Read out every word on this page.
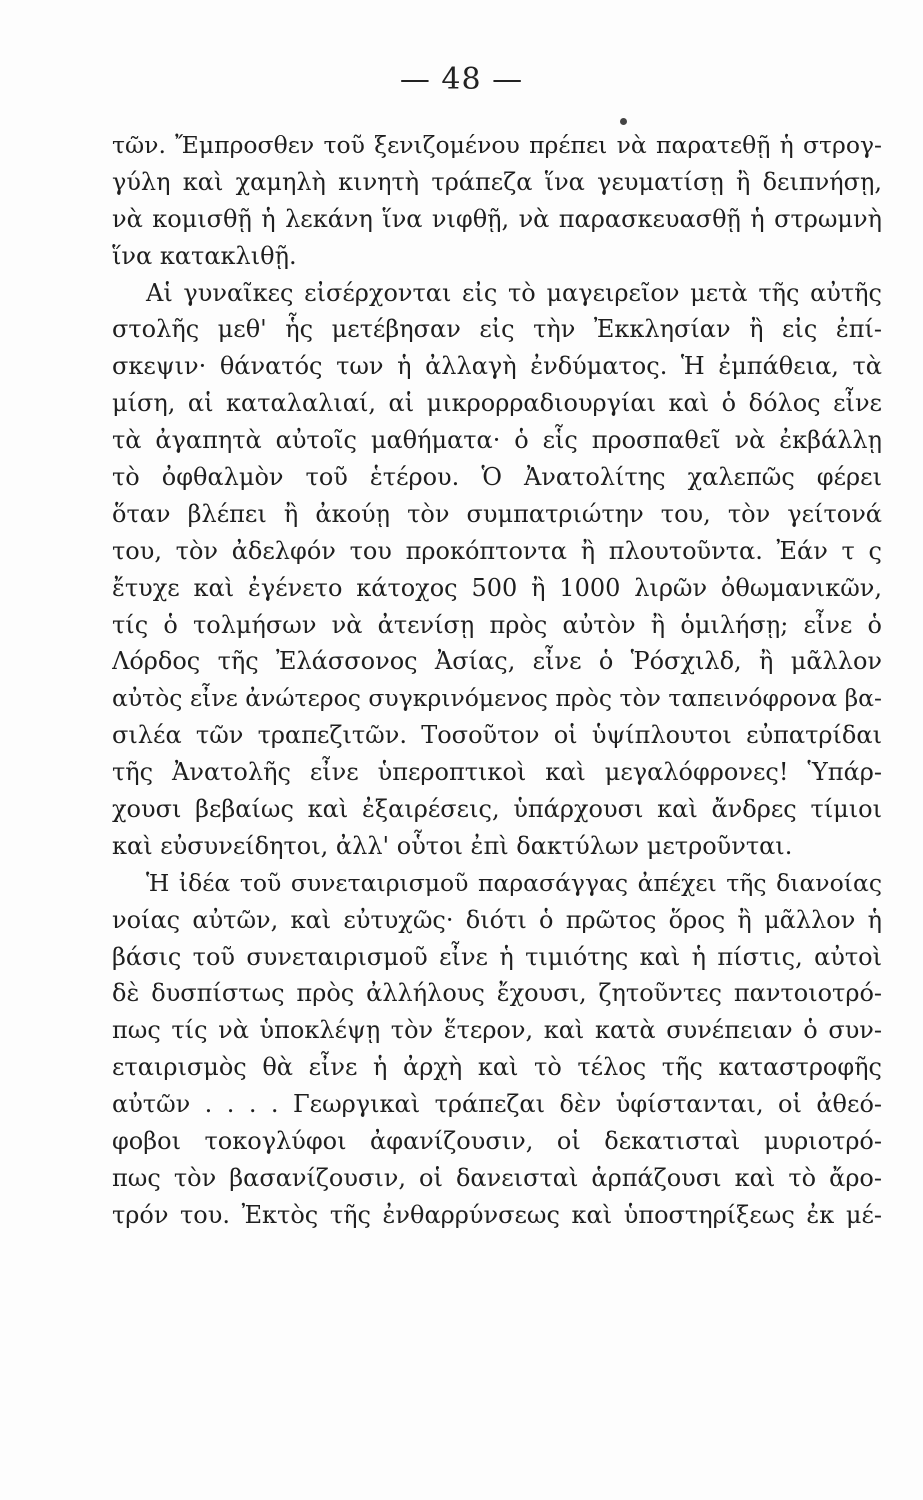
— 48 —
τῶν. Ἔμπροσθεν τοῦ ξενιζομένου πρέπει νὰ παρατεθῇ ἡ στρογ-
γύλη καὶ χαμηλὴ κινητὴ τράπεζα ἵνα γευματίσῃ ἢ δειπνήσῃ,
νὰ κομισθῇ ἡ λεκάνη ἵνα νιφθῇ, νὰ παρασκευασθῇ ἡ στρωμνὴ
ἵνα κατακλιθῇ.
Αἱ γυναῖκες εἰσέρχονται εἰς τὸ μαγειρεῖον μετὰ τῆς αὐτῆς
στολῆς μεθ' ἧς μετέβησαν εἰς τὴν Ἐκκλησίαν ἢ εἰς ἐπί-
σκεψιν· θάνατός των ἡ ἀλλαγὴ ἐνδύματος. Ἡ ἐμπάθεια, τὰ
μίση, αἱ καταλαλιαί, αἱ μικρορραδιουργίαι καὶ ὁ δόλος εἶνε
τὰ ἀγαπητὰ αὐτοῖς μαθήματα· ὁ εἷς προσπαθεῖ νὰ ἐκβάλλῃ
τὸ ὀφθαλμὸν τοῦ ἑτέρου. Ὁ Ἀνατολίτης χαλεπῶς φέρει
ὅταν βλέπει ἢ ἀκούῃ τὸν συμπατριώτην του, τὸν γείτονά
του, τὸν ἀδελφόν του προκόπτοντα ἢ πλουτοῦντα. Ἐάν τ ς
ἔτυχε καὶ ἐγένετο κάτοχος 500 ἢ 1000 λιρῶν ὀθωμανικῶν,
τίς ὁ τολμήσων νὰ ἀτενίσῃ πρὸς αὐτὸν ἢ ὁμιλήσῃ; εἶνε ὁ
Λόρδος τῆς Ἐλάσσονος Ἀσίας, εἶνε ὁ Ῥόσχιλδ, ἢ μᾶλλον
αὐτὸς εἶνε ἀνώτερος συγκρινόμενος πρὸς τὸν ταπεινόφρονα βα-
σιλέα τῶν τραπεζιτῶν. Τοσοῦτον οἱ ὑψίπλουτοι εὐπατρίδαι
τῆς Ἀνατολῆς εἶνε ὑπεροπτικοὶ καὶ μεγαλόφρονες! Ὑπάρ-
χουσι βεβαίως καὶ ἐξαιρέσεις, ὑπάρχουσι καὶ ἄνδρες τίμιοι
καὶ εὐσυνείδητοι, ἀλλ' οὗτοι ἐπὶ δακτύλων μετροῦνται.
Ἡ ἰδέα τοῦ συνεταιρισμοῦ παρασάγγας ἀπέχει τῆς διανοίας
νοίας αὐτῶν, καὶ εὐτυχῶς· διότι ὁ πρῶτος ὅρος ἢ μᾶλλον ἡ
βάσις τοῦ συνεταιρισμοῦ εἶνε ἡ τιμιότης καὶ ἡ πίστις, αὐτοὶ
δὲ δυσπίστως πρὸς ἀλλήλους ἔχουσι, ζητοῦντες παντοιοτρό-
πως τίς νὰ ὑποκλέψῃ τὸν ἕτερον, καὶ κατὰ συνέπειαν ὁ συν-
εταιρισμὸς θὰ εἶνε ἡ ἀρχὴ καὶ τὸ τέλος τῆς καταστροφῆς
αὐτῶν . . . . Γεωργικαὶ τράπεζαι δὲν ὑφίστανται, οἱ ἀθεό-
φοβοι τοκογλύφοι ἀφανίζουσιν, οἱ δεκατισταὶ μυριοτρό-
πως τὸν βασανίζουσιν, οἱ δανεισταὶ ἁρπάζουσι καὶ τὸ ἄρο-
τρόν του. Ἐκτὸς τῆς ἐνθαρρύνσεως καὶ ὑποστηρίξεως ἐκ μέ-
